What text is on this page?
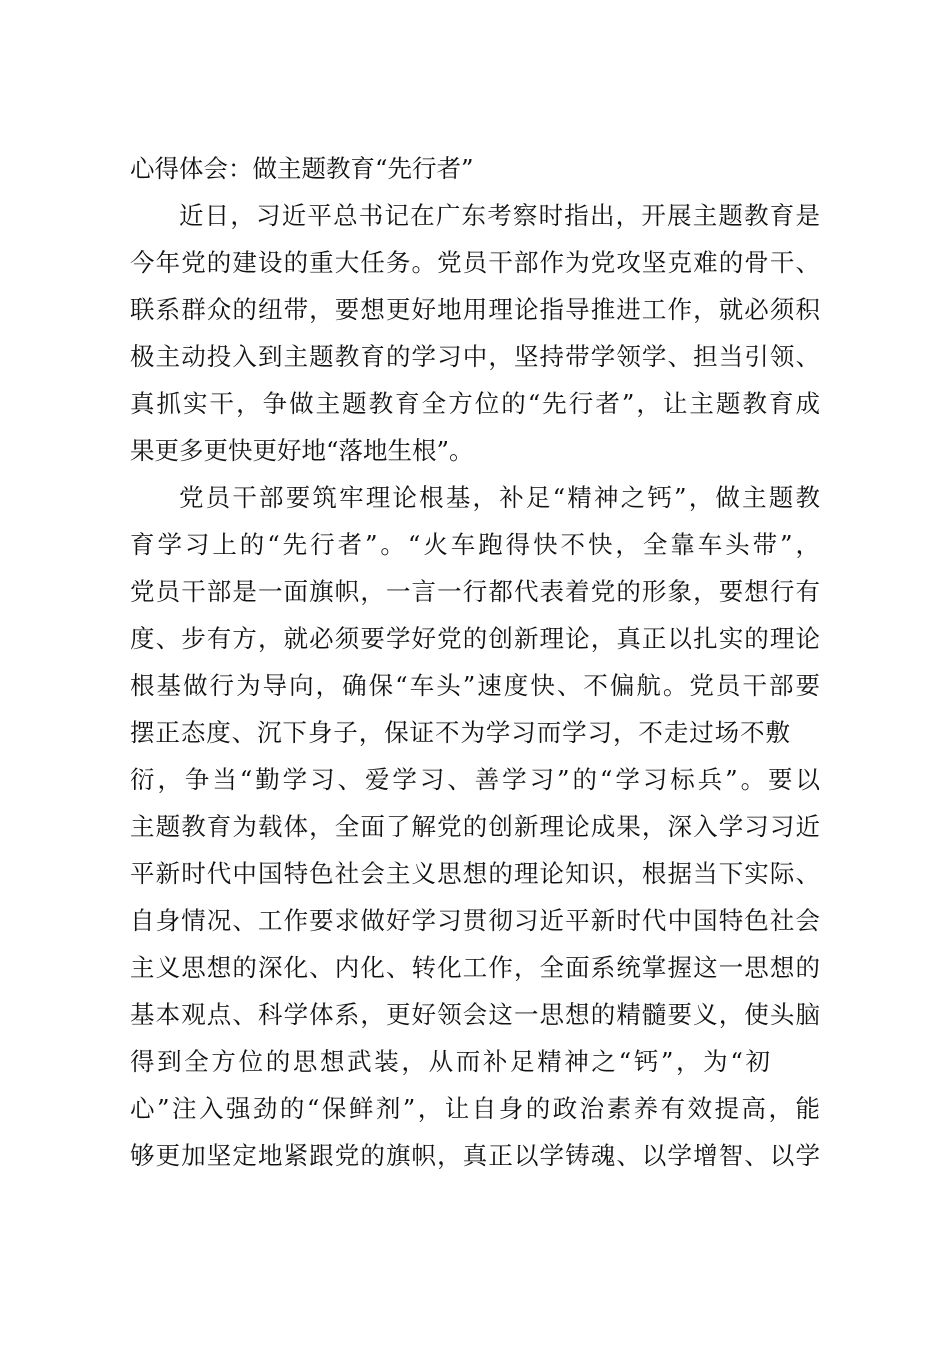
心得体会：做主题教育“先行者”
近日，习近平总书记在广东考察时指出，开展主题教育是
今年党的建设的重大任务。党员干部作为党攻坚克难的骨干、
联系群众的纽带，要想更好地用理论指导推进工作，就必须积
极主动投入到主题教育的学习中，坚持带学领学、担当引领、
真抓实干，争做主题教育全方位的“先行者”，让主题教育成
果更多更快更好地“落地生根”。
党员干部要筑牢理论根基，补足“精神之钙”，做主题教
育学习上的“先行者”。“火车跑得快不快，全靠车头带”，
党员干部是一面旗帜，一言一行都代表着党的形象，要想行有
度、步有方，就必须要学好党的创新理论，真正以扎实的理论
根基做行为导向，确保“车头”速度快、不偏航。党员干部要
摆正态度、沉下身子，保证不为学习而学习，不走过场不敷
衍，争当“勤学习、爱学习、善学习”的“学习标兵”。要以
主题教育为载体，全面了解党的创新理论成果，深入学习习近
平新时代中国特色社会主义思想的理论知识，根据当下实际、
自身情况、工作要求做好学习贯彻习近平新时代中国特色社会
主义思想的深化、内化、转化工作，全面系统掌握这一思想的
基本观点、科学体系，更好领会这一思想的精髓要义，使头脑
得到全方位的思想武装，从而补足精神之“钙”，为“初
心”注入强劲的“保鲜剂”，让自身的政治素养有效提高，能
够更加坚定地紧跟党的旗帜，真正以学铸魂、以学增智、以学
